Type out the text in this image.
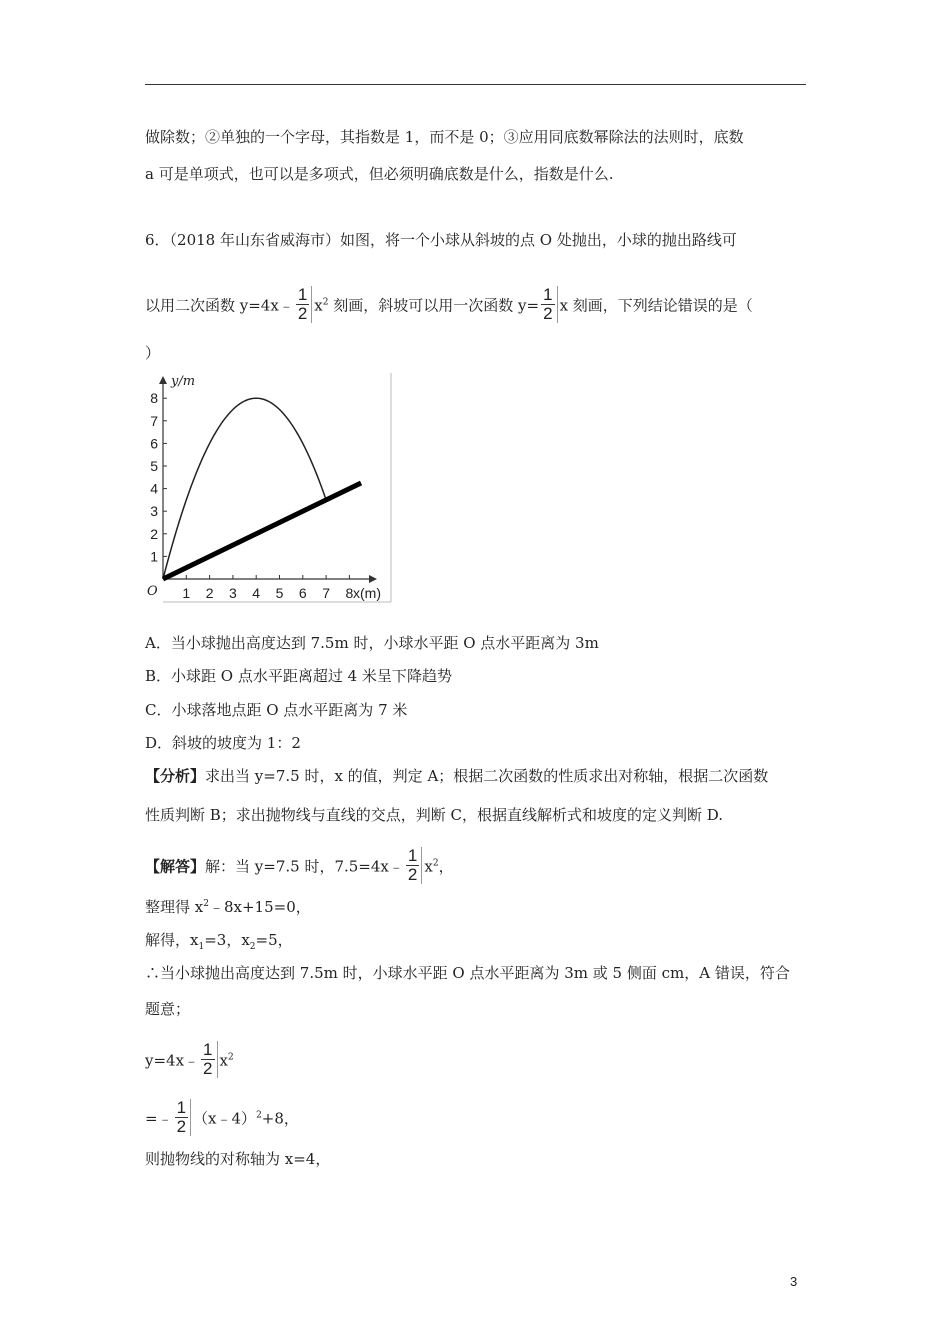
做除数；②单独的一个字母，其指数是 1，而不是 0；③应用同底数幂除法的法则时，底数
a 可是单项式，也可以是多项式，但必须明确底数是什么，指数是什么.
6．（2018 年山东省威海市）如图，将一个小球从斜坡的点 O 处抛出，小球的抛出路线可
以用二次函数 y=4x﹣ $\frac{1}{2} x^2$ 刻画，斜坡可以用一次函数 $y= \frac{1}{2}$ x 刻画，下列结论错误的是（
）
1 2 3 4 5 6 7 8
1
2
3
4
5
6
7
8
O	x(m)
y/m
A．当小球抛出高度达到 7.5m 时，小球水平距 O 点水平距离为 3m
B．小球距 O 点水平距离超过 4 米呈下降趋势
C．小球落地点距 O 点水平距离为 7 米
D．斜坡的坡度为 1：2
【分析】求出当 y=7.5 时，x 的值，判定 A；根据二次函数的性质求出对称轴，根据二次函数
性质判断 B；求出抛物线与直线的交点，判断 C，根据直线解析式和坡度的定义判断 D.
【解答】解：当 y=7.5 时，7.5=4x﹣ $\frac{1}{2} x^2$，
整理得 $x^2﹣8x+15=0$，
解得，$x_1=3$，$x_2=5$，
∴当小球抛出高度达到 7.5m 时，小球水平距 O 点水平距离为 3m 或 5 侧面 cm，A 错误，符合
题意；
y=4x﹣ $\frac{1}{2} x^2$
=﹣ $\frac{1}{2}$ （x﹣4）$^2$+8，
则抛物线的对称轴为 x=4，
3
